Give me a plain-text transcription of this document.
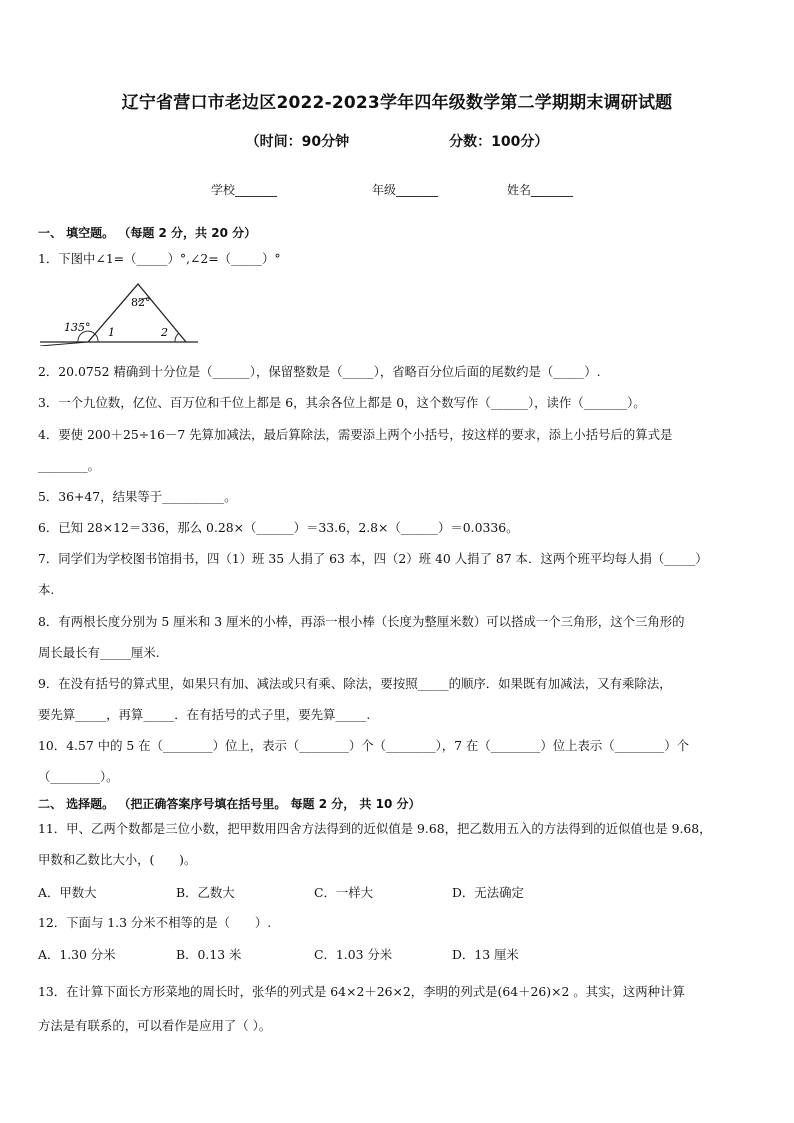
辽宁省营口市老边区2022-2023学年四年级数学第二学期期末调研试题
（时间：90分钟	分数：100分）
学校_______	年级_______	姓名_______
一、 填空题。 （每题 2 分，共 20 分）
1．下图中∠1=（_____）°,∠2=（_____）°
135°
82°
1	2
2．20.0752 精确到十分位是（______），保留整数是（_____），省略百分位后面的尾数约是（_____）.
3．一个九位数，亿位、百万位和千位上都是 6，其余各位上都是 0，这个数写作（______），读作（_______）。
4．要使 200＋25÷16－7 先算加减法，最后算除法，需要添上两个小括号，按这样的要求，添上小括号后的算式是
________。
5．36+47，结果等于__________。
6．已知 28×12＝336，那么 0.28×（______）＝33.6，2.8×（______）＝0.0336。
7．同学们为学校图书馆捐书，四（1）班 35 人捐了 63 本，四（2）班 40 人捐了 87 本．这两个班平均每人捐（_____）
本.
8．有两根长度分别为 5 厘米和 3 厘米的小棒，再添一根小棒（长度为整厘米数）可以搭成一个三角形，这个三角形的
周长最长有_____厘米.
9．在没有括号的算式里，如果只有加、减法或只有乘、除法，要按照_____的顺序．如果既有加减法，又有乘除法，
要先算_____，再算_____．在有括号的式子里，要先算_____.
10．4.57 中的 5 在（________）位上，表示（________）个（________），7 在（________）位上表示（________）个
（________）。
二、 选择题。 （把正确答案序号填在括号里。 每题 2 分， 共 10 分）
11．甲、乙两个数都是三位小数，把甲数用四舍方法得到的近似值是 9.68，把乙数用五入的方法得到的近似值也是 9.68，
甲数和乙数比大小，(　　)。
A．甲数大	B．乙数大	C．一样大	D．无法确定
12．下面与 1.3 分米不相等的是（　　）.
A．1.30 分米	B．0.13 米	C．1.03 分米	D．13 厘米
13．在计算下面长方形菜地的周长时，张华的列式是 64×2＋26×2，李明的列式是(64＋26)×2 。其实，这两种计算
方法是有联系的，可以看作是应用了（ ）。
